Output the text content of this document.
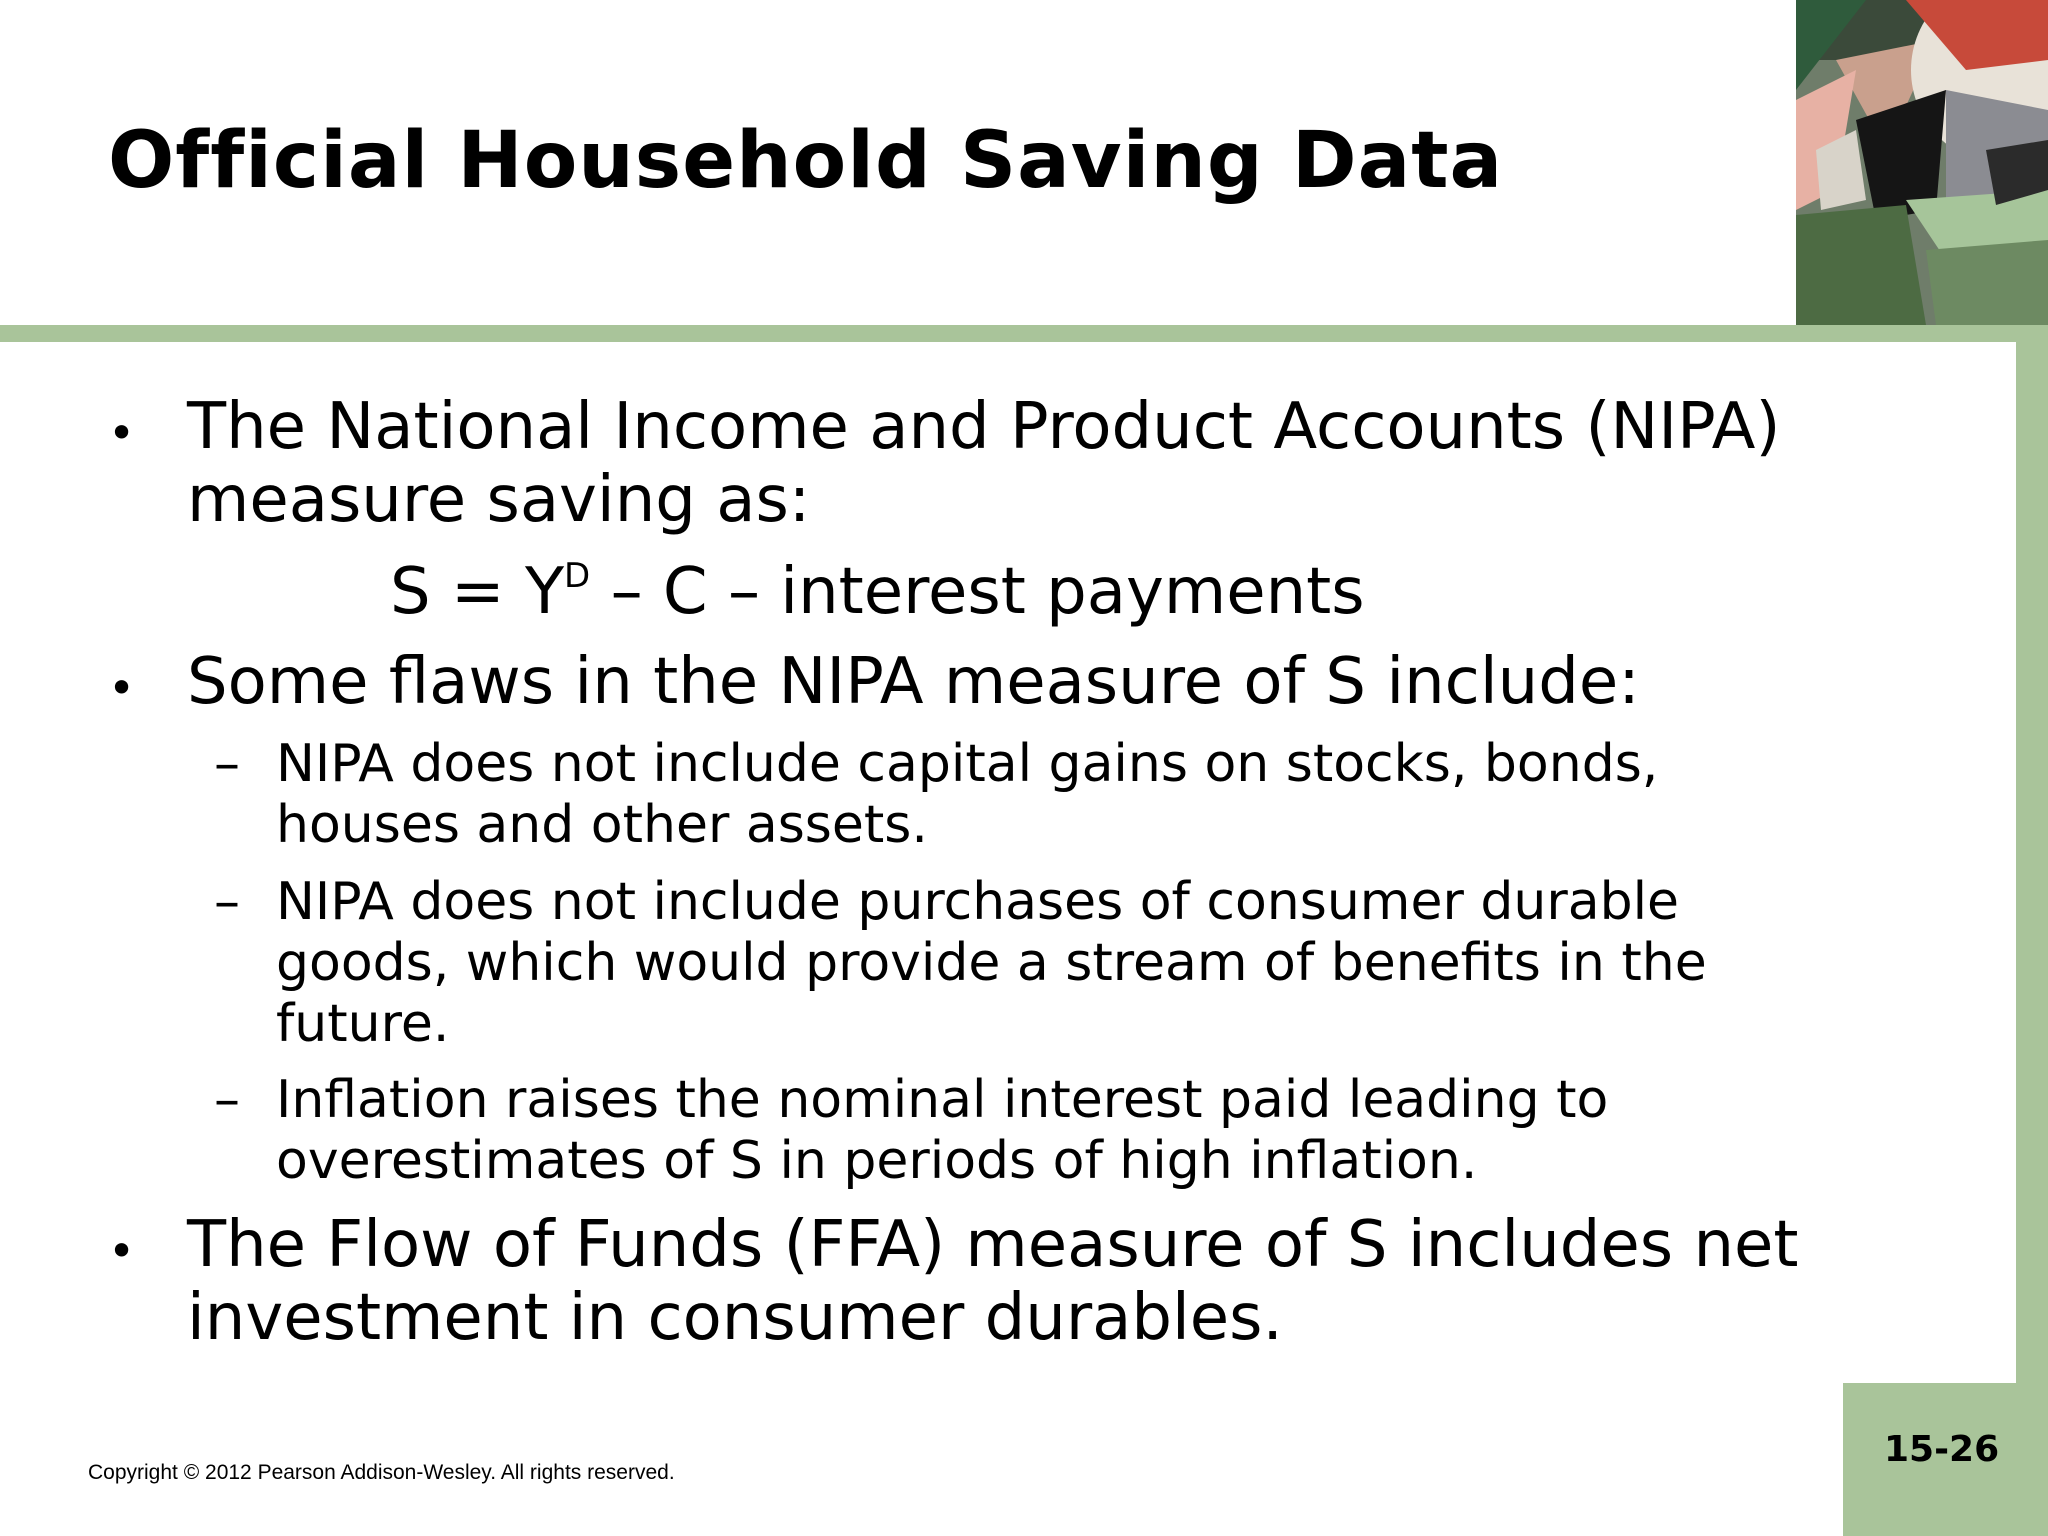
Official Household Saving Data
• The National Income and Product Accounts (NIPA)
measure saving as:
$S = Y^D - C$ – interest payments
• Some flaws in the NIPA measure of S include:
– NIPA does not include capital gains on stocks, bonds,
houses and other assets.
– NIPA does not include purchases of consumer durable
goods, which would provide a stream of benefits in the
future.
– Inflation raises the nominal interest paid leading to
overestimates of S in periods of high inflation.
• The Flow of Funds (FFA) measure of S includes net
investment in consumer durables.
15-26
Copyright © 2012 Pearson Addison-Wesley. All rights reserved.
